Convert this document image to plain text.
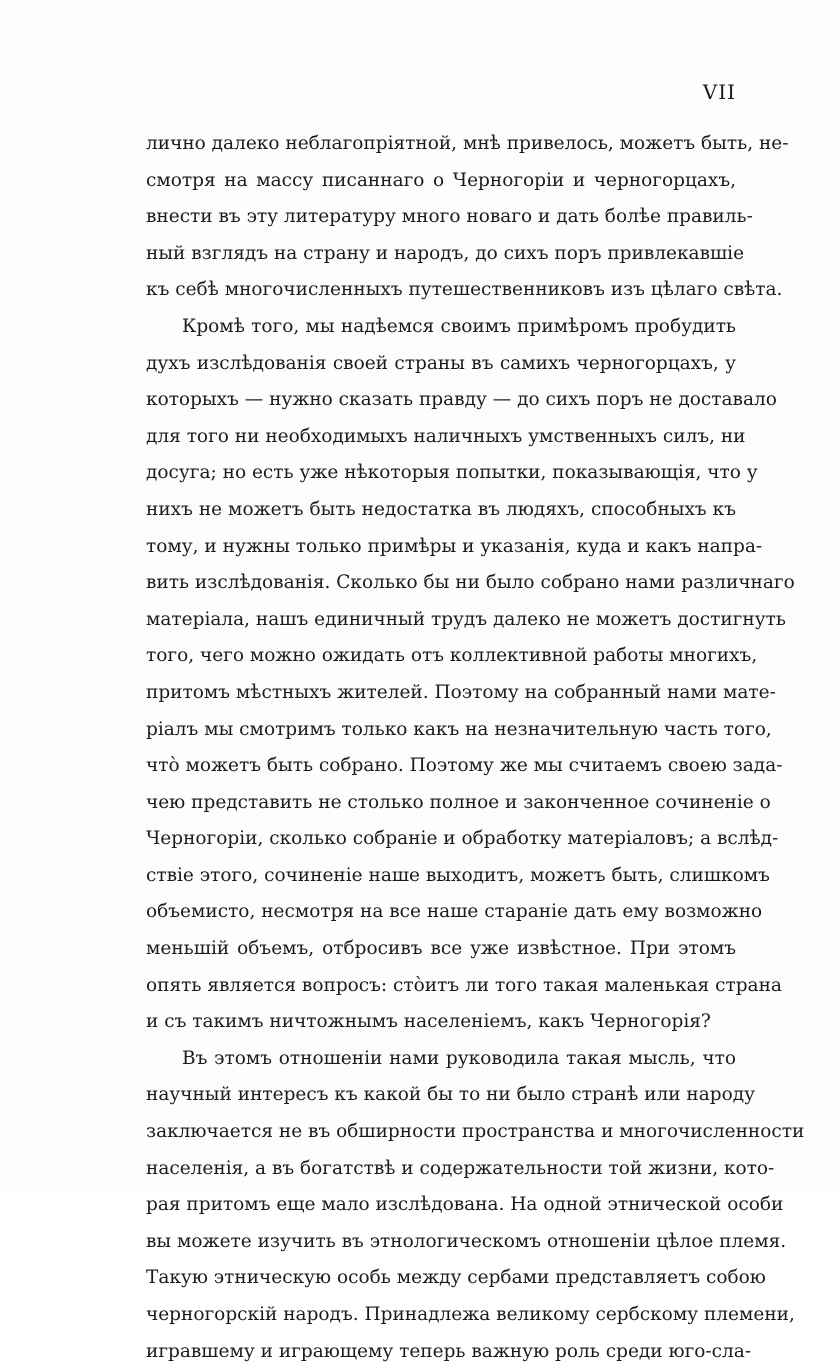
VII
лично далеко неблагопріятной, мнѣ привелось, можетъ быть, не-
смотря на массу писаннаго о Черногоріи и черногорцахъ,
внести въ эту литературу много новаго и дать болѣе правиль-
ный взглядъ на страну и народъ, до сихъ поръ привлекавшіе
къ себѣ многочисленныхъ путешественниковъ изъ цѣлаго свѣта.
Кромѣ того, мы надѣемся своимъ примѣромъ пробудить
духъ изслѣдованія своей страны въ самихъ черногорцахъ, у
которыхъ — нужно сказать правду — до сихъ поръ не доставало
для того ни необходимыхъ наличныхъ умственныхъ силъ, ни
досуга; но есть уже нѣкоторыя попытки, показывающія, что у
нихъ не можетъ быть недостатка въ людяхъ, способныхъ къ
тому, и нужны только примѣры и указанія, куда и какъ напра-
вить изслѣдованія. Сколько бы ни было собрано нами различнаго
матеріала, нашъ единичный трудъ далеко не можетъ достигнуть
того, чего можно ожидать отъ коллективной работы многихъ,
притомъ мѣстныхъ жителей. Поэтому на собранный нами мате-
ріалъ мы смотримъ только какъ на незначительную часть того,
что̀ можетъ быть собрано. Поэтому же мы считаемъ своею зада-
чею представить не столько полное и законченное сочиненіе о
Черногоріи, сколько собраніе и обработку матеріаловъ; а вслѣд-
ствіе этого, сочиненіе наше выходитъ, можетъ быть, слишкомъ
объемисто, несмотря на все наше стараніе дать ему возможно
меньшій объемъ, отбросивъ все уже извѣстное. При этомъ
опять является вопросъ: сто̀итъ ли того такая маленькая страна
и съ такимъ ничтожнымъ населеніемъ, какъ Черногорія?
Въ этомъ отношеніи нами руководила такая мысль, что
научный интересъ къ какой бы то ни было странѣ или народу
заключается не въ обширности пространства и многочисленности
населенія, а въ богатствѣ и содержательности той жизни, кото-
рая притомъ еще мало изслѣдована. На одной этнической особи
вы можете изучить въ этнологическомъ отношеніи цѣлое племя.
Такую этническую особь между сербами представляетъ собою
черногорскій народъ. Принадлежа великому сербскому племени,
игравшему и играющему теперь важную роль среди юго-сла-
